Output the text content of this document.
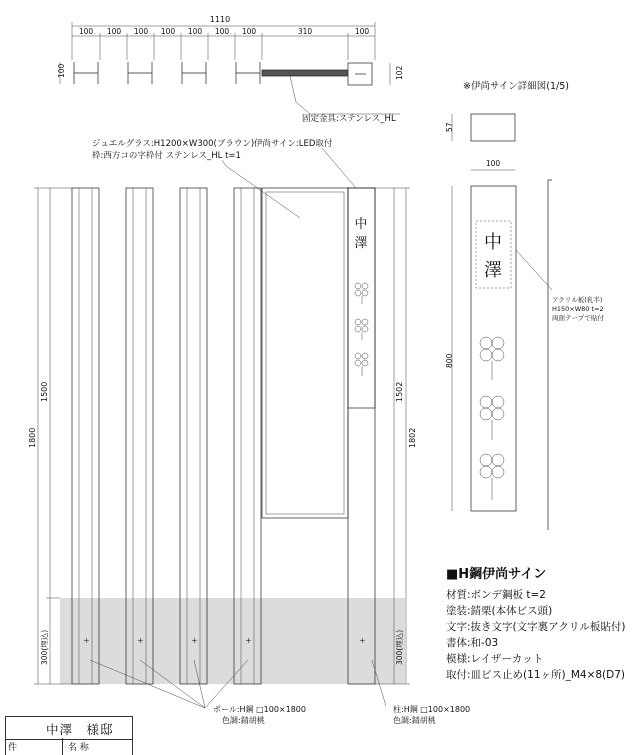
1110
100 100 100 100 100 100 100	310	100
100	102
固定金具:ステンレス_HL
※伊尚サイン詳細図(1/5)
ジュエルグラス:H1200×W300(ブラウン)
枠:西方コの字枠付 ステンレス_HL t=1
伊尚サイン:LED取付
1800
1500
300(埋込)
1802
1502
300(埋込)
+	+	+	+	+
中
澤
57
100
中
澤
800
アクリル板(乳半)
H150×W80 t=2
両面テープで貼付
ポール:H鋼 □100×1800
色調:錆胡桃
柱:H鋼 □100×1800
色調:錆胡桃
■H鋼伊尚サイン
材質:ボンデ鋼板 t=2
塗装:錆栗(本体ビス頭)
文字:抜き文字(文字裏アクリル板貼付)
書体:和-03
模様:レイザーカット
取付:皿ビス止め(11ヶ所)_M4×8(D7)
中澤　様邸
件	名 称
